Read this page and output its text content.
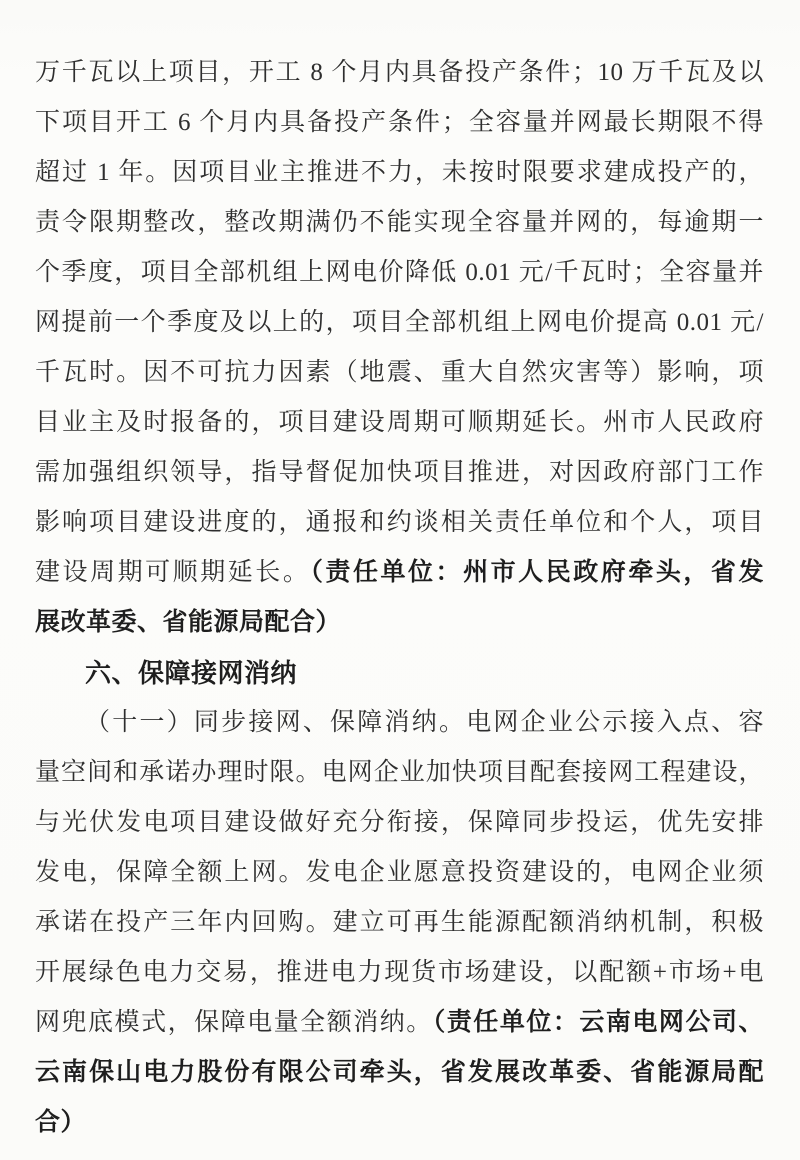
万千瓦以上项目，开工 8 个月内具备投产条件；10 万千瓦及以
下项目开工 6 个月内具备投产条件；全容量并网最长期限不得
超过 1 年。因项目业主推进不力，未按时限要求建成投产的，
责令限期整改，整改期满仍不能实现全容量并网的，每逾期一
个季度，项目全部机组上网电价降低 0.01 元/千瓦时；全容量并
网提前一个季度及以上的，项目全部机组上网电价提高 0.01 元/
千瓦时。因不可抗力因素（地震、重大自然灾害等）影响，项
目业主及时报备的，项目建设周期可顺期延长。州市人民政府
需加强组织领导，指导督促加快项目推进，对因政府部门工作
影响项目建设进度的，通报和约谈相关责任单位和个人，项目
建设周期可顺期延长。（责任单位：州市人民政府牵头，省发
展改革委、省能源局配合）
六、保障接网消纳
（十一）同步接网、保障消纳。电网企业公示接入点、容
量空间和承诺办理时限。电网企业加快项目配套接网工程建设，
与光伏发电项目建设做好充分衔接，保障同步投运，优先安排
发电，保障全额上网。发电企业愿意投资建设的，电网企业须
承诺在投产三年内回购。建立可再生能源配额消纳机制，积极
开展绿色电力交易，推进电力现货市场建设，以配额+市场+电
网兜底模式，保障电量全额消纳。（责任单位：云南电网公司、
云南保山电力股份有限公司牵头，省发展改革委、省能源局配
合）
